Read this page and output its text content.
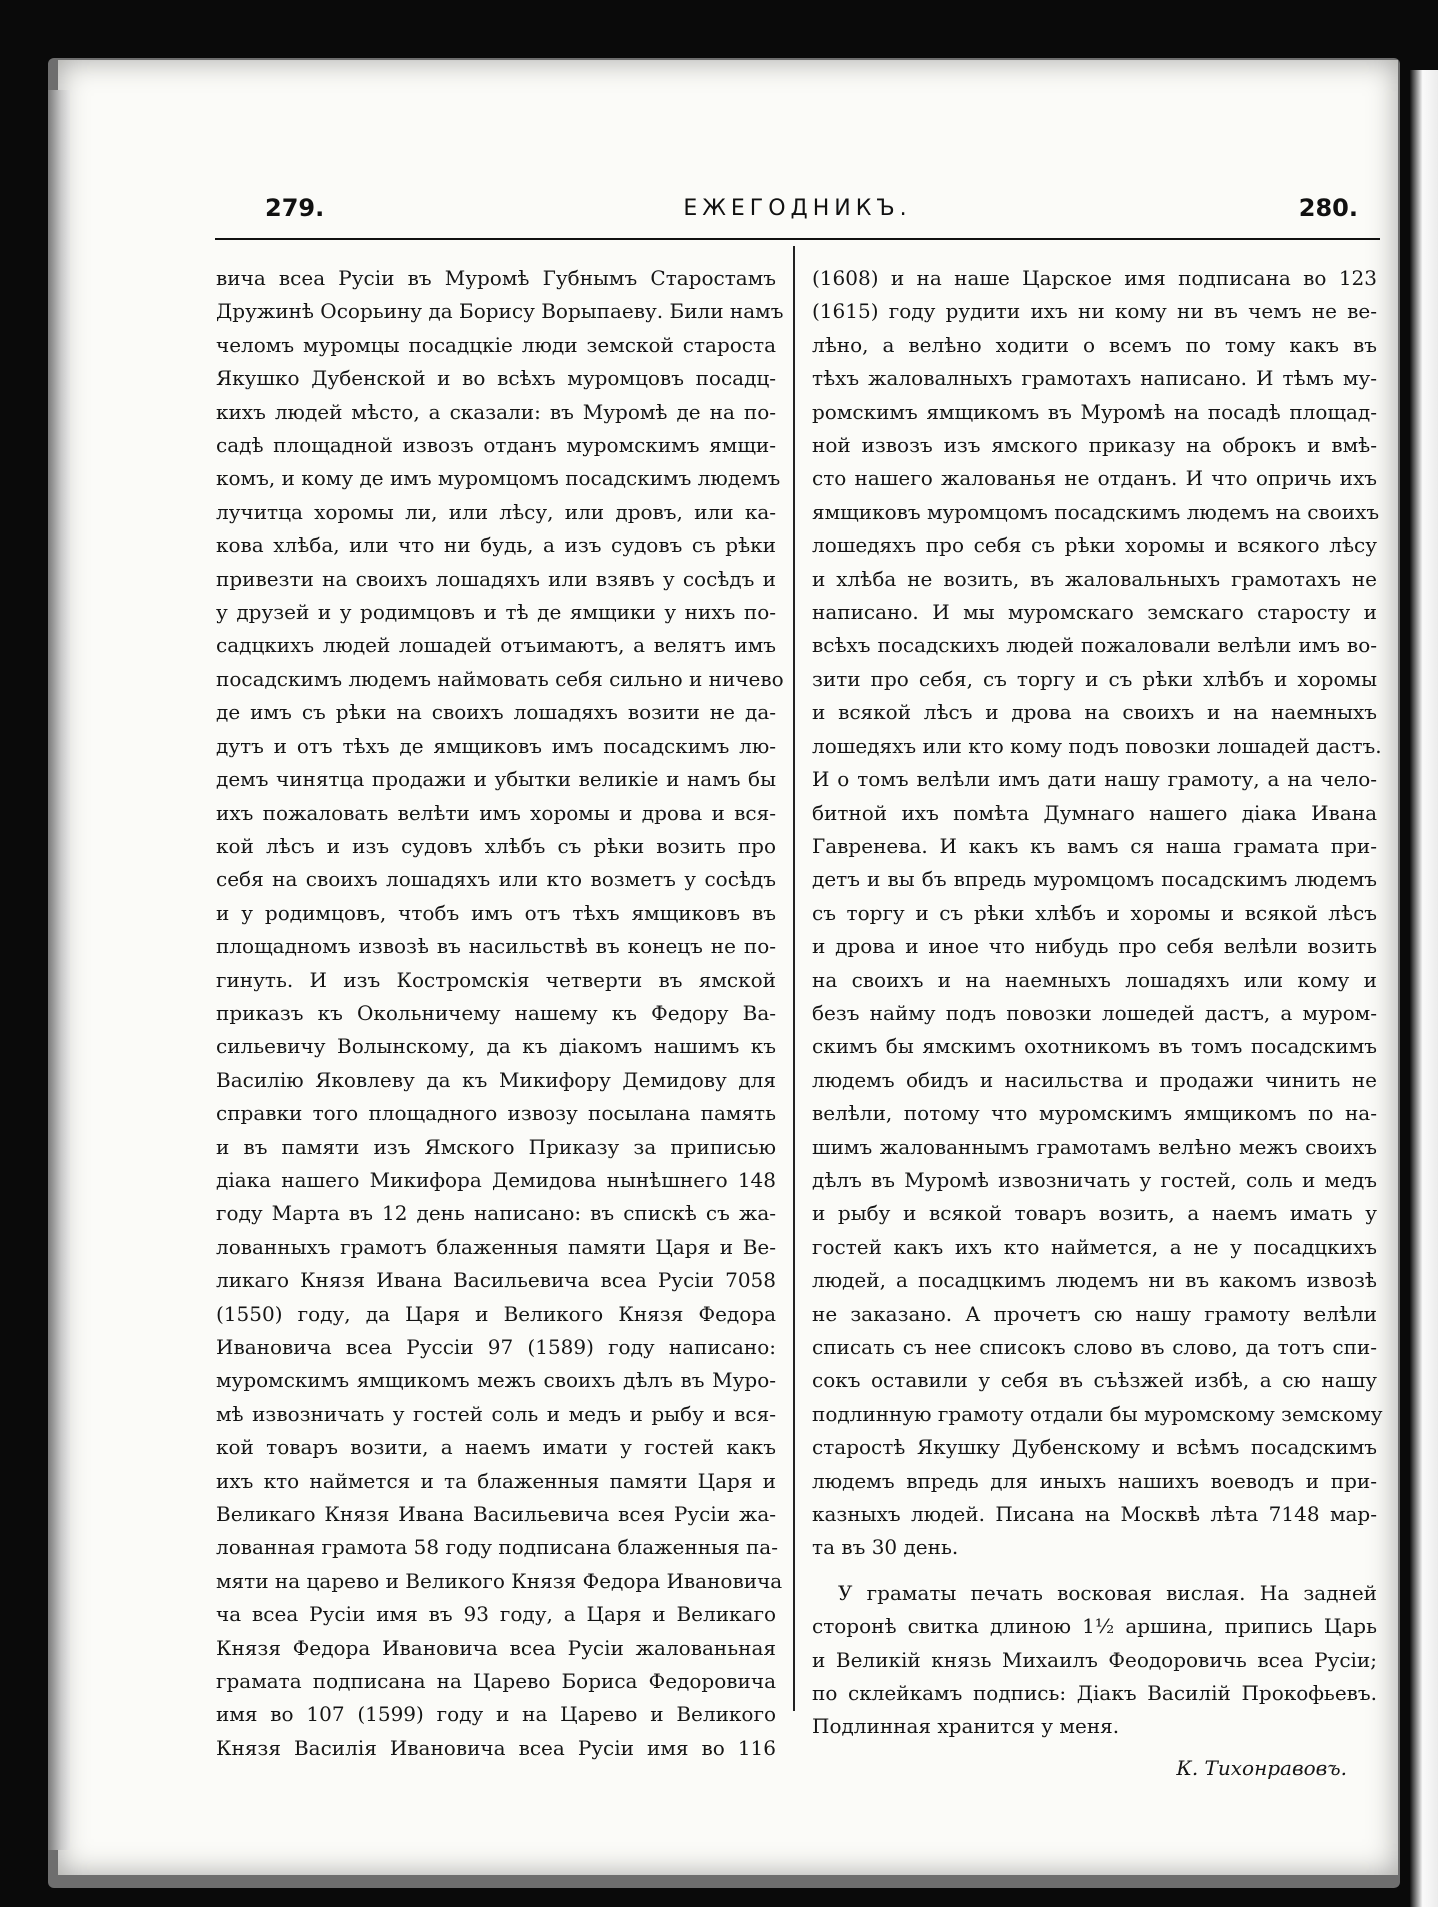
279.	ЕЖЕГОДНИКЪ.	280.
вича всеа Русіи въ Муромѣ Губнымъ Старостамъ
Дружинѣ Осорьину да Борису Ворыпаеву. Били намъ
челомъ муромцы посадцкіе люди земской староста
Якушко Дубенской и во всѣхъ муромцовъ посадц-
кихъ людей мѣсто, а сказали: въ Муромѣ де на по-
садѣ площадной извозъ отданъ муромскимъ ямщи-
комъ, и кому де имъ муромцомъ посадскимъ людемъ
лучитца хоромы ли, или лѣсу, или дровъ, или ка-
кова хлѣба, или что ни будь, а изъ судовъ съ рѣки
привезти на своихъ лошадяхъ или взявъ у сосѣдъ и
у друзей и у родимцовъ и тѣ де ямщики у нихъ по-
садцкихъ людей лошадей отъимаютъ, а велятъ имъ
посадскимъ людемъ наймовать себя сильно и ничево
де имъ съ рѣки на своихъ лошадяхъ возити не да-
дутъ и отъ тѣхъ де ямщиковъ имъ посадскимъ лю-
демъ чинятца продажи и убытки великіе и намъ бы
ихъ пожаловать велѣти имъ хоромы и дрова и вся-
кой лѣсъ и изъ судовъ хлѣбъ съ рѣки возить про
себя на своихъ лошадяхъ или кто возметъ у сосѣдъ
и у родимцовъ, чтобъ имъ отъ тѣхъ ямщиковъ въ
площадномъ извозѣ въ насильствѣ въ конецъ не по-
гинуть. И изъ Костромскія четверти въ ямской
приказъ къ Окольничему нашему къ Федору Ва-
сильевичу Волынскому, да къ діакомъ нашимъ къ
Василію Яковлеву да къ Микифору Демидову для
справки того площадного извозу посылана память
и въ памяти изъ Ямского Приказу за приписью
діака нашего Микифора Демидова нынѣшнего 148
году Марта въ 12 день написано: въ спискѣ съ жа-
лованныхъ грамотъ блаженныя памяти Царя и Ве-
ликаго Князя Ивана Васильевича всеа Русіи 7058
(1550) году, да Царя и Великого Князя Федора
Ивановича всеа Руссіи 97 (1589) году написано:
муромскимъ ямщикомъ межъ своихъ дѣлъ въ Муро-
мѣ извозничать у гостей соль и медъ и рыбу и вся-
кой товаръ возити, а наемъ имати у гостей какъ
ихъ кто наймется и та блаженныя памяти Царя и
Великаго Князя Ивана Васильевича всея Русіи жа-
лованная грамота 58 году подписана блаженныя па-
мяти на царево и Великого Князя Федора Ивановича
ча всеа Русіи имя въ 93 году, а Царя и Великаго
Князя Федора Ивановича всеа Русіи жалованьная
грамата подписана на Царево Бориса Федоровича
имя во 107 (1599) году и на Царево и Великого
Князя Василія Ивановича всеа Русіи имя во 116
(1608) и на наше Царское имя подписана во 123
(1615) году рудити ихъ ни кому ни въ чемъ не ве-
лѣно, а велѣно ходити о всемъ по тому какъ въ
тѣхъ жаловалныхъ грамотахъ написано. И тѣмъ му-
ромскимъ ямщикомъ въ Муромѣ на посадѣ площад-
ной извозъ изъ ямского приказу на оброкъ и вмѣ-
сто нашего жалованья не отданъ. И что опричь ихъ
ямщиковъ муромцомъ посадскимъ людемъ на своихъ
лошедяхъ про себя съ рѣки хоромы и всякого лѣсу
и хлѣба не возить, въ жаловальныхъ грамотахъ не
написано. И мы муромскаго земскаго старосту и
всѣхъ посадскихъ людей пожаловали велѣли имъ во-
зити про себя, съ торгу и съ рѣки хлѣбъ и хоромы
и всякой лѣсъ и дрова на своихъ и на наемныхъ
лошедяхъ или кто кому подъ повозки лошадей дастъ.
И о томъ велѣли имъ дати нашу грамоту, а на чело-
битной ихъ помѣта Думнаго нашего діака Ивана
Гавренева. И какъ къ вамъ ся наша грамата при-
детъ и вы бъ впредь муромцомъ посадскимъ людемъ
съ торгу и съ рѣки хлѣбъ и хоромы и всякой лѣсъ
и дрова и иное что нибудь про себя велѣли возить
на своихъ и на наемныхъ лошадяхъ или кому и
безъ найму подъ повозки лошедей дастъ, а муром-
скимъ бы ямскимъ охотникомъ въ томъ посадскимъ
людемъ обидъ и насильства и продажи чинить не
велѣли, потому что муромскимъ ямщикомъ по на-
шимъ жалованнымъ грамотамъ велѣно межъ своихъ
дѣлъ въ Муромѣ извозничать у гостей, соль и медъ
и рыбу и всякой товаръ возить, а наемъ имать у
гостей какъ ихъ кто наймется, а не у посадцкихъ
людей, а посадцкимъ людемъ ни въ какомъ извозѣ
не заказано. А прочетъ сю нашу грамоту велѣли
списать съ нее списокъ слово въ слово, да тотъ спи-
сокъ оставили у себя въ съѣзжей избѣ, а сю нашу
подлинную грамоту отдали бы муромскому земскому
старостѣ Якушку Дубенскому и всѣмъ посадскимъ
людемъ впредь для иныхъ нашихъ воеводъ и при-
казныхъ людей. Писана на Москвѣ лѣта 7148 мар-
та въ 30 день.
У граматы печать восковая вислая. На задней
сторонѣ свитка длиною 1½ аршина, припись Царь
и Великій князь Михаилъ Феодоровичь всеа Русіи;
по склейкамъ подпись: Діакъ Василій Прокофьевъ.
Подлинная хранится у меня.
К. Тихонравовъ.
